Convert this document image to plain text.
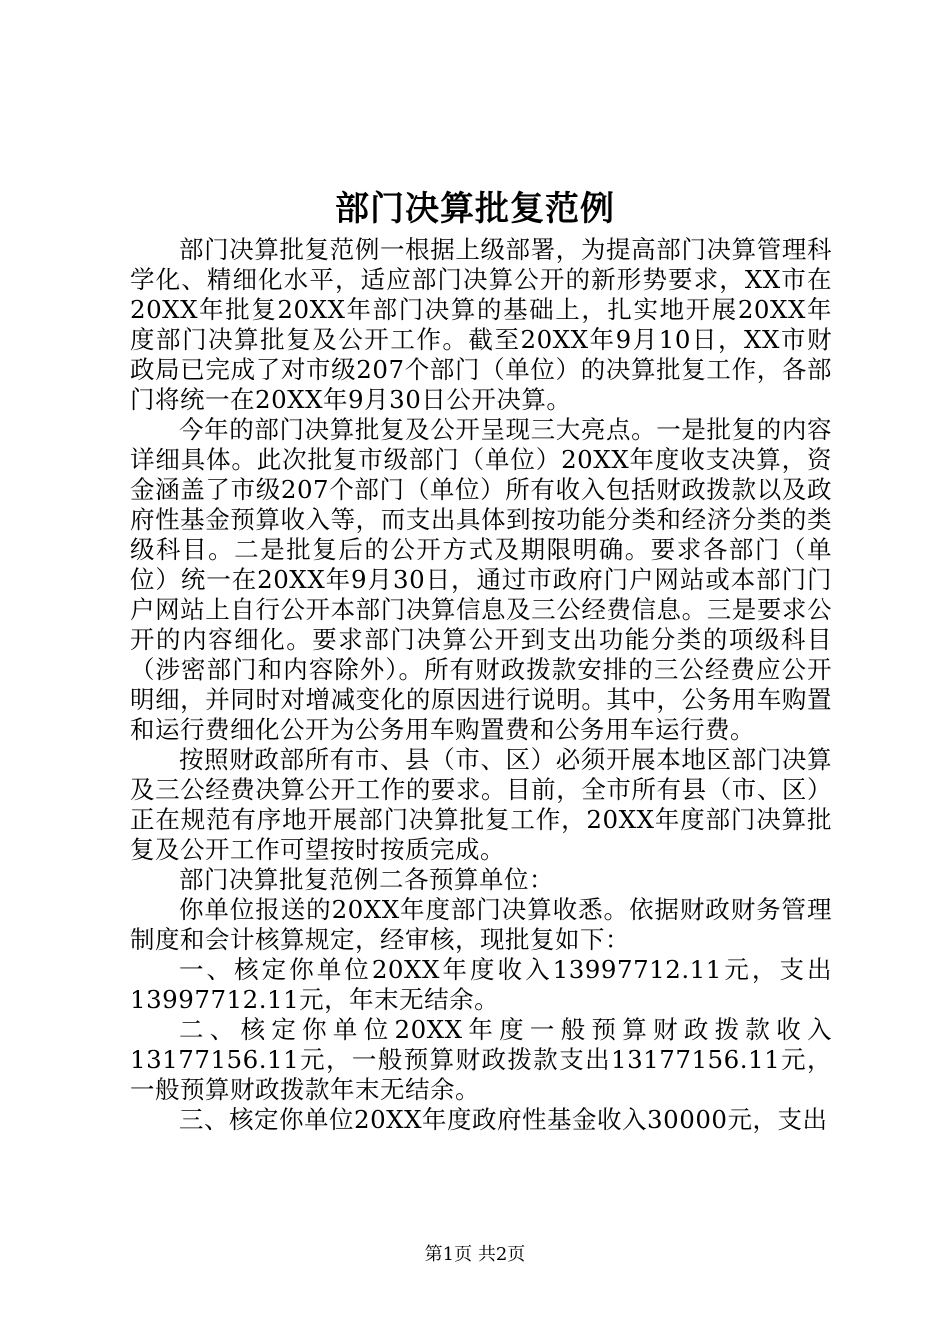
部门决算批复范例

部门决算批复范例一根据上级部署，为提高部门决算管理科学化、精细化水平，适应部门决算公开的新形势要求，XX市在20XX年批复20XX年部门决算的基础上，扎实地开展20XX年度部门决算批复及公开工作。截至20XX年9月10日，XX市财政局已完成了对市级207个部门（单位）的决算批复工作，各部门将统一在20XX年9月30日公开决算。

今年的部门决算批复及公开呈现三大亮点。一是批复的内容详细具体。此次批复市级部门（单位）20XX年度收支决算，资金涵盖了市级207个部门（单位）所有收入包括财政拨款以及政府性基金预算收入等，而支出具体到按功能分类和经济分类的类级科目。二是批复后的公开方式及期限明确。要求各部门（单位）统一在20XX年9月30日，通过市政府门户网站或本部门门户网站上自行公开本部门决算信息及三公经费信息。三是要求公开的内容细化。要求部门决算公开到支出功能分类的项级科目（涉密部门和内容除外）。所有财政拨款安排的三公经费应公开明细，并同时对增减变化的原因进行说明。其中，公务用车购置和运行费细化公开为公务用车购置费和公务用车运行费。

按照财政部所有市、县（市、区）必须开展本地区部门决算及三公经费决算公开工作的要求。目前，全市所有县（市、区）正在规范有序地开展部门决算批复工作，20XX年度部门决算批复及公开工作可望按时按质完成。

部门决算批复范例二各预算单位：

你单位报送的20XX年度部门决算收悉。依据财政财务管理制度和会计核算规定，经审核，现批复如下：

一、核定你单位20XX年度收入13997712.11元，支出13997712.11元，年末无结余。

二、核定你单位20XX年度一般预算财政拨款收入13177156.11元，一般预算财政拨款支出13177156.11元，一般预算财政拨款年末无结余。

三、核定你单位20XX年度政府性基金收入30000元，支出

第1页 共2页
